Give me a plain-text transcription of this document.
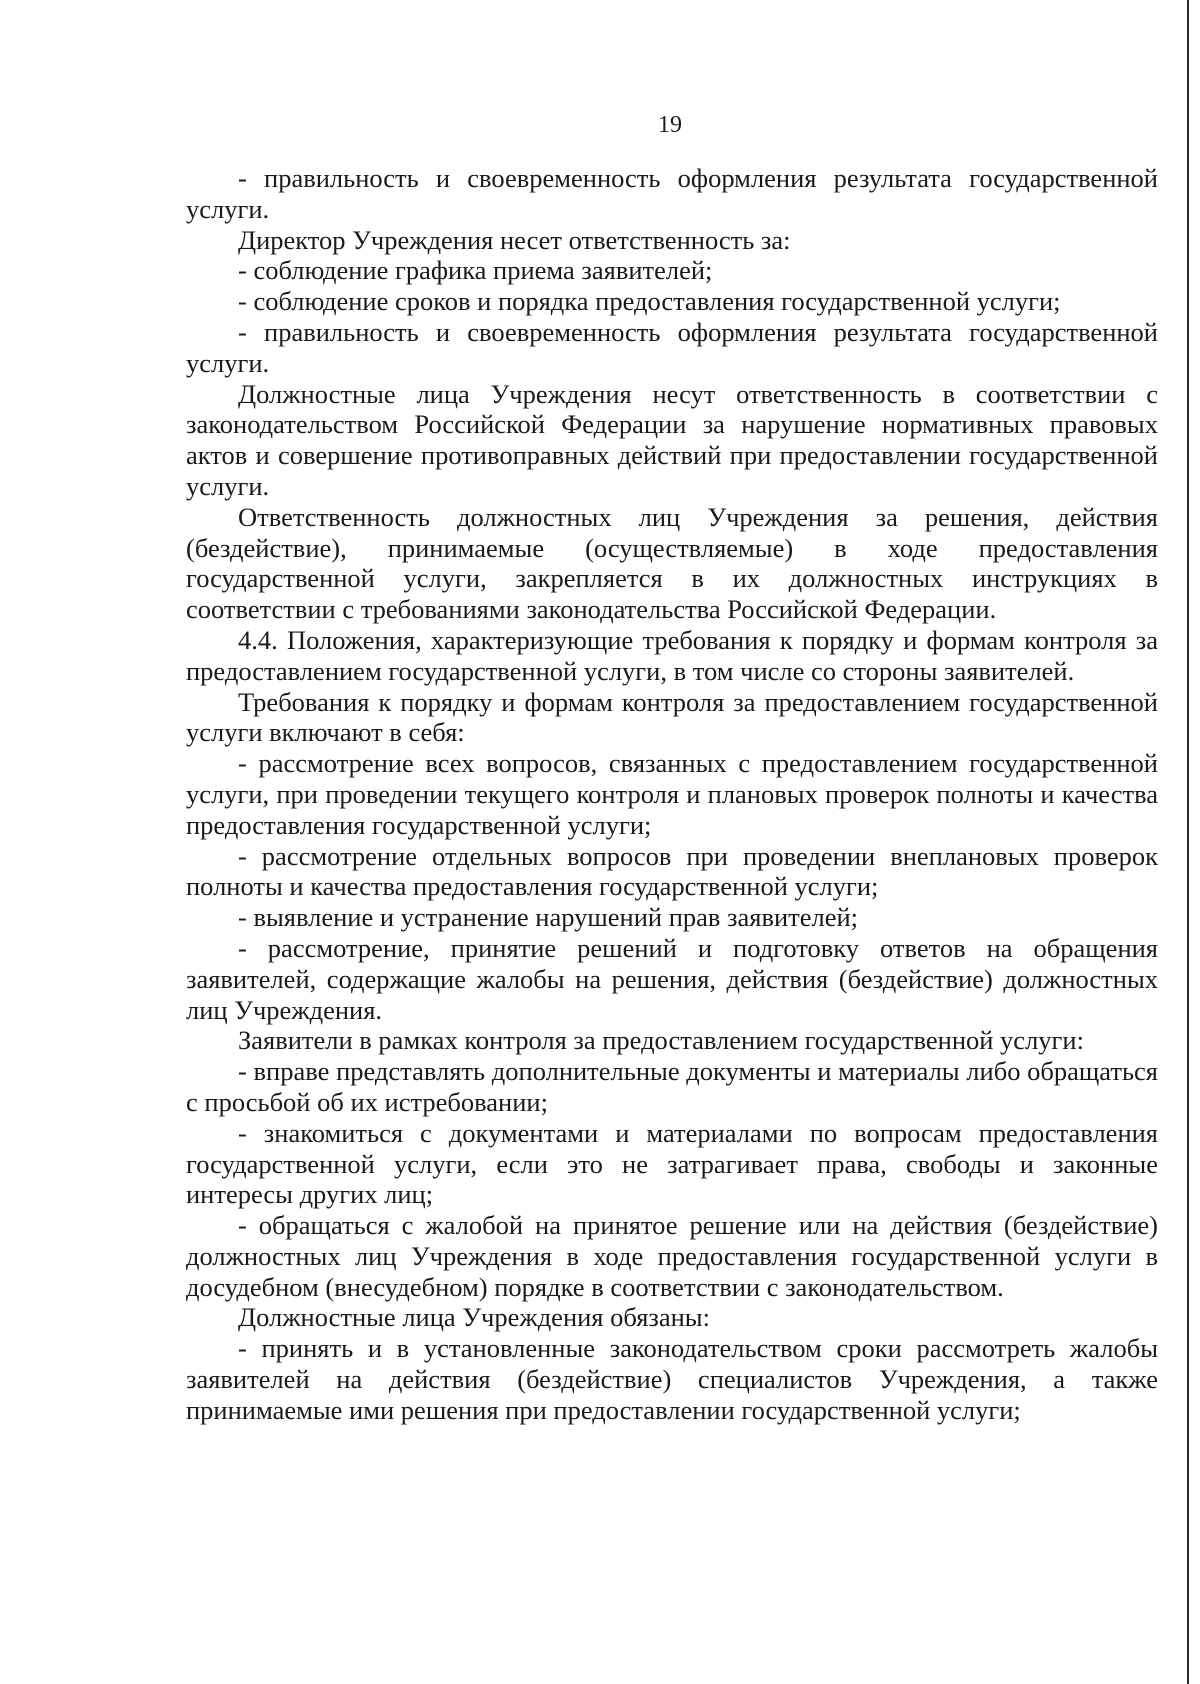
19

- правильность и своевременность оформления результата государственной услуги.

Директор Учреждения несет ответственность за:

- соблюдение графика приема заявителей;

- соблюдение сроков и порядка предоставления государственной услуги;

- правильность и своевременность оформления результата государственной услуги.

Должностные лица Учреждения несут ответственность в соответствии с законодательством Российской Федерации за нарушение нормативных правовых актов и совершение противоправных действий при предоставлении государственной услуги.

Ответственность должностных лиц Учреждения за решения, действия (бездействие), принимаемые (осуществляемые) в ходе предоставления государственной услуги, закрепляется в их должностных инструкциях в соответствии с требованиями законодательства Российской Федерации.

4.4. Положения, характеризующие требования к порядку и формам контроля за предоставлением государственной услуги, в том числе со стороны заявителей.

Требования к порядку и формам контроля за предоставлением государственной услуги включают в себя:

- рассмотрение всех вопросов, связанных с предоставлением государственной услуги, при проведении текущего контроля и плановых проверок полноты и качества предоставления государственной услуги;

- рассмотрение отдельных вопросов при проведении внеплановых проверок полноты и качества предоставления государственной услуги;

- выявление и устранение нарушений прав заявителей;

- рассмотрение, принятие решений и подготовку ответов на обращения заявителей, содержащие жалобы на решения, действия (бездействие) должностных лиц Учреждения.

Заявители в рамках контроля за предоставлением государственной услуги:

- вправе представлять дополнительные документы и материалы либо обращаться с просьбой об их истребовании;

- знакомиться с документами и материалами по вопросам предоставления государственной услуги, если это не затрагивает права, свободы и законные интересы других лиц;

- обращаться с жалобой на принятое решение или на действия (бездействие) должностных лиц Учреждения в ходе предоставления государственной услуги в досудебном (внесудебном) порядке в соответствии с законодательством.

Должностные лица Учреждения обязаны:

- принять и в установленные законодательством сроки рассмотреть жалобы заявителей на действия (бездействие) специалистов Учреждения, а также принимаемые ими решения при предоставлении государственной услуги;
